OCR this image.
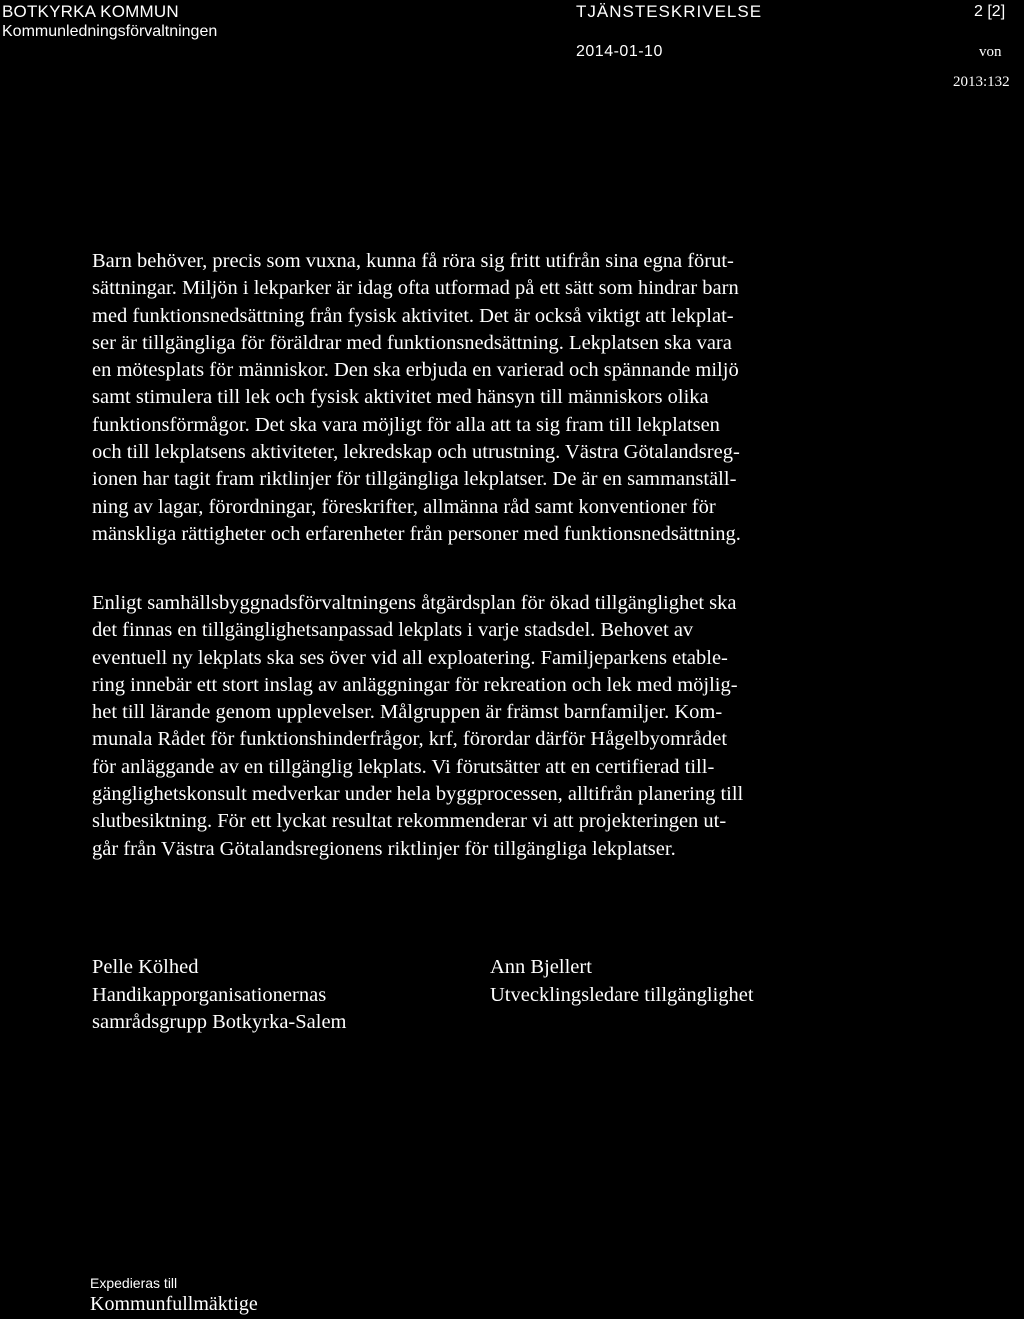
BOTKYRKA KOMMUN
Kommunledningsförvaltningen
TJÄNSTESKRIVELSE
2014-01-10
2 [2]
von
2013:132
Barn behöver, precis som vuxna, kunna få röra sig fritt utifrån sina egna förut-
sättningar. Miljön i lekparker är idag ofta utformad på ett sätt som hindrar barn
med funktionsnedsättning från fysisk aktivitet. Det är också viktigt att lekplat-
ser är tillgängliga för föräldrar med funktionsnedsättning. Lekplatsen ska vara
en mötesplats för människor. Den ska erbjuda en varierad och spännande miljö
samt stimulera till lek och fysisk aktivitet med hänsyn till människors olika
funktionsförmågor. Det ska vara möjligt för alla att ta sig fram till lekplatsen
och till lekplatsens aktiviteter, lekredskap och utrustning. Västra Götalandsreg-
ionen har tagit fram riktlinjer för tillgängliga lekplatser. De är en sammanställ-
ning av lagar, förordningar, föreskrifter, allmänna råd samt konventioner för
mänskliga rättigheter och erfarenheter från personer med funktionsnedsättning.
Enligt samhällsbyggnadsförvaltningens åtgärdsplan för ökad tillgänglighet ska
det finnas en tillgänglighetsanpassad lekplats i varje stadsdel. Behovet av
eventuell ny lekplats ska ses över vid all exploatering. Familjeparkens etable-
ring innebär ett stort inslag av anläggningar för rekreation och lek med möjlig-
het till lärande genom upplevelser. Målgruppen är främst barnfamiljer. Kom-
munala Rådet för funktionshinderfrågor, krf, förordar därför Hågelbyområdet
för anläggande av en tillgänglig lekplats. Vi förutsätter att en certifierad till-
gänglighetskonsult medverkar under hela byggprocessen, alltifrån planering till
slutbesiktning. För ett lyckat resultat rekommenderar vi att projekteringen ut-
går från Västra Götalandsregionens riktlinjer för tillgängliga lekplatser.
Pelle Kölhed
Handikapporganisationernas
samrådsgrupp Botkyrka-Salem
Ann Bjellert
Utvecklingsledare tillgänglighet
Expedieras till
Kommunfullmäktige
